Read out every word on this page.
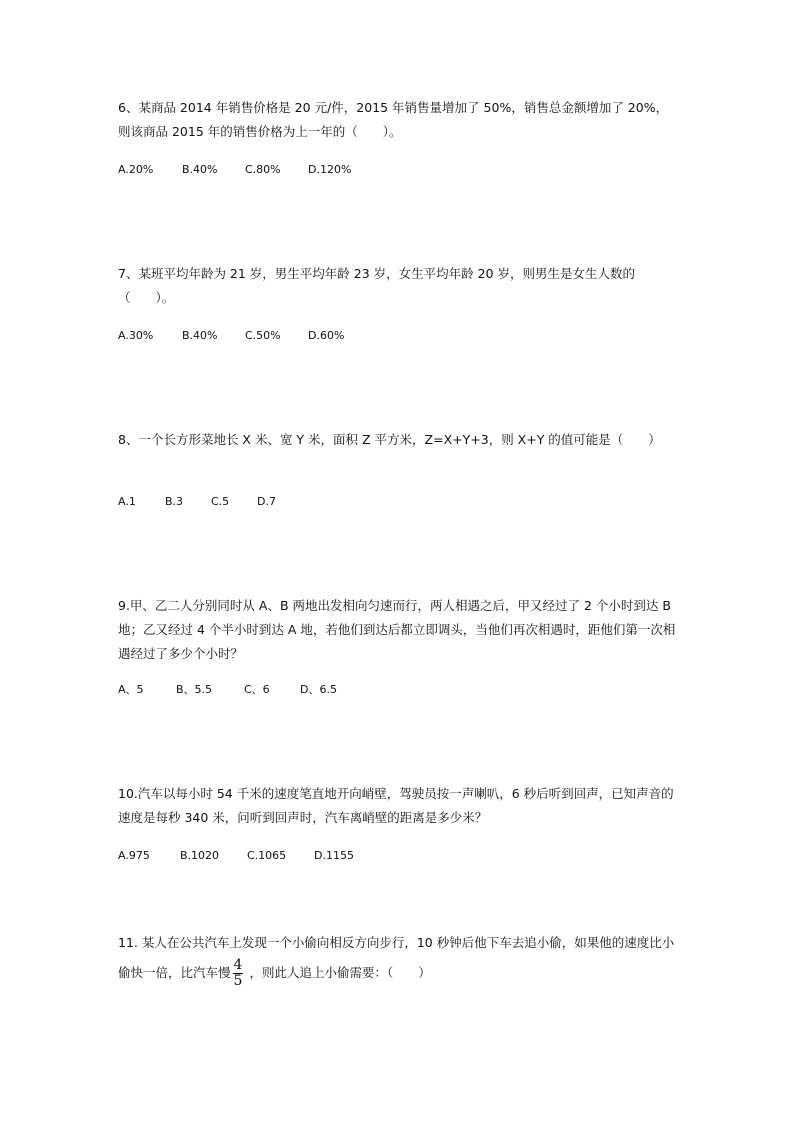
6、某商品 2014 年销售价格是 20 元/件，2015 年销售量增加了 50%，销售总金额增加了 20%，则该商品 2015 年的销售价格为上一年的（　　）。

A.20%	B.40%	C.80% D.120%

7、某班平均年龄为 21 岁，男生平均年龄 23 岁，女生平均年龄 20 岁，则男生是女生人数的（　　）。

A.30%	B.40%	C.50% D.60%

8、一个长方形菜地长 X 米、宽 Y 米，面积 Z 平方米，Z=X+Y+3，则 X+Y 的值可能是（　　）

A.1	B.3	C.5	D.7

9.甲、乙二人分别同时从 A、B 两地出发相向匀速而行，两人相遇之后，甲又经过了 2 个小时到达 B 地；乙又经过 4 个半小时到达 A 地，若他们到达后都立即调头，当他们再次相遇时，距他们第一次相遇经过了多少个小时？

A、5	B、5.5	C、6	D、6.5

10.汽车以每小时 54 千米的速度笔直地开向峭壁，驾驶员按一声喇叭，6 秒后听到回声，已知声音的速度是每秒 340 米，问听到回声时，汽车离峭壁的距离是多少米？

A.975	B.1020	C.1065	D.1155

11. 某人在公共汽车上发现一个小偷向相反方向步行，10 秒钟后他下车去追小偷，如果他的速度比小偷快一倍，比汽车慢 $\frac{4}{5}$ ，则此人追上小偷需要：（　　）
